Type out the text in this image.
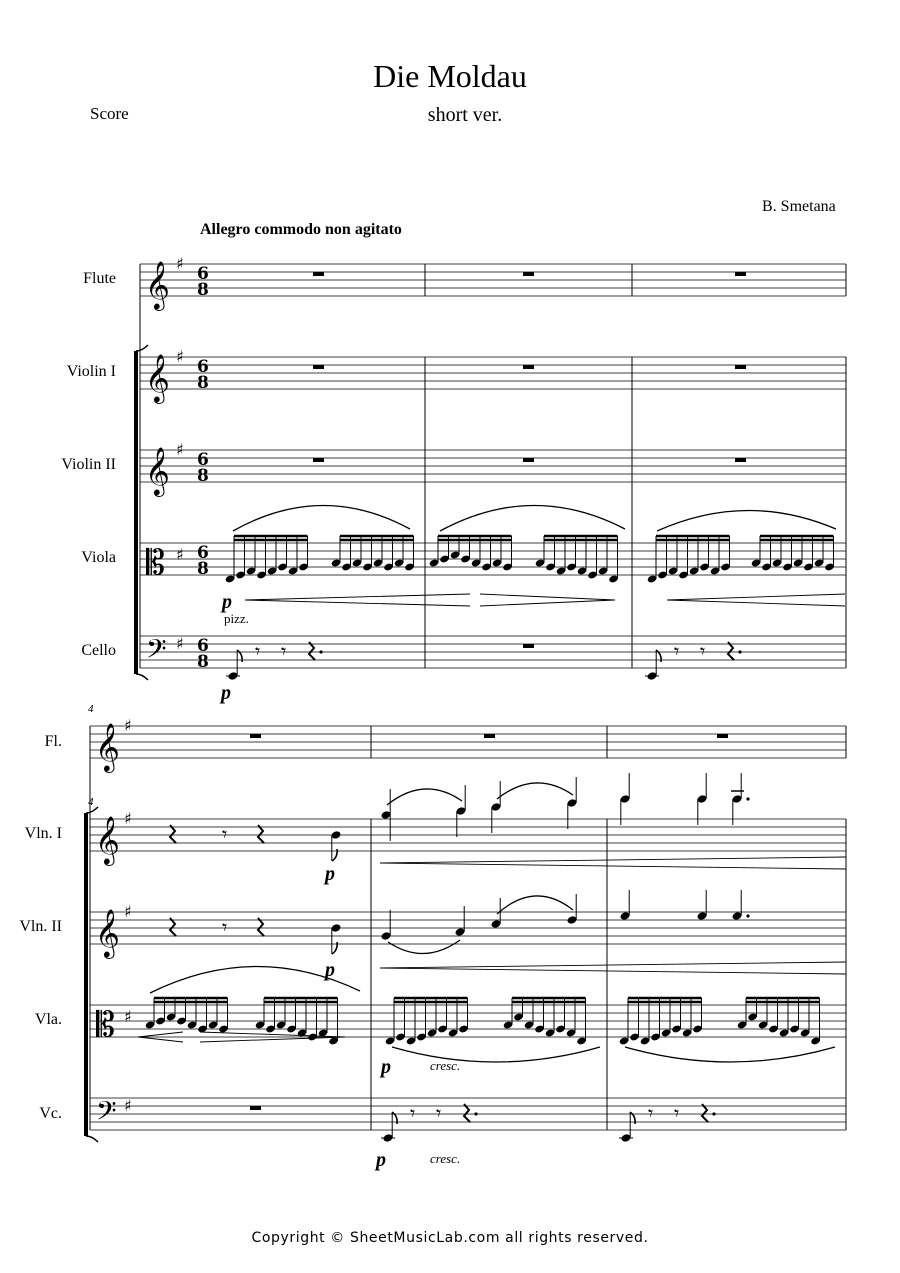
Die Moldau
short ver.
Score
B. Smetana
Allegro commodo non agitato
Flute
Violin I
Violin II
Viola
Cello
Fl.
Vln. I
Vln. II
Vla.
Vc.
𝄞 ♯
6
8
𝄞 ♯
6
8
𝄞 ♯
6
8
𝄡 ♯ 6
8
𝄢 ♯ 6
8 𝄾 𝄾	𝄾 𝄾
𝄞 ♯
𝄞 ♯
𝄞 ♯
𝄡 ♯
𝄢 ♯
𝄾
𝄾
𝄾 𝄾	𝄾 𝄾
4
4
p
pizz.
p
p
p
p	cresc.
p	cresc.
Copyright © SheetMusicLab.com all rights reserved.
